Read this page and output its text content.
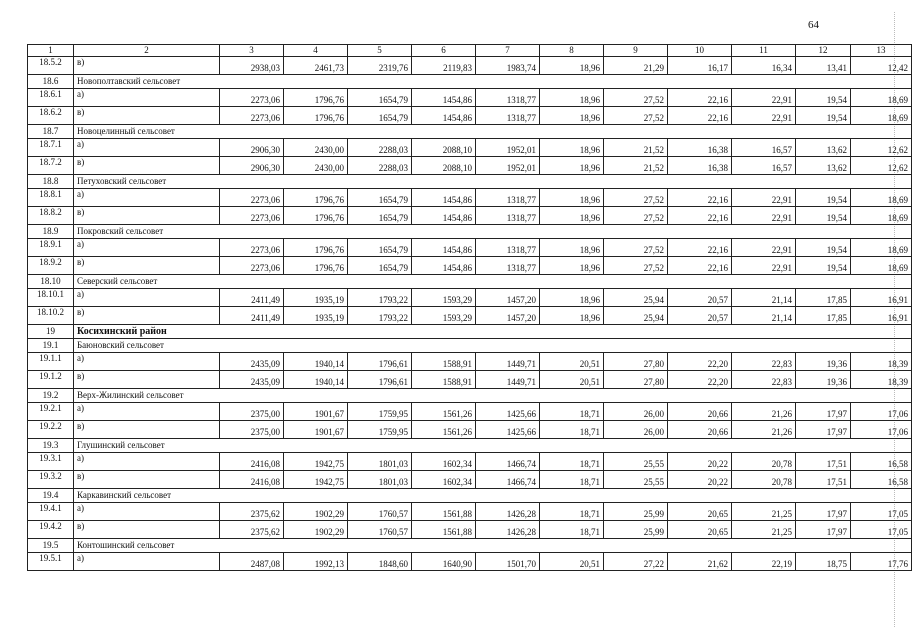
64
1	2	3	4	5	6	7	8	9	10	11	12	13
18.5.2	в)	2938,03	2461,73	2319,76	2119,83	1983,74	18,96	21,29	16,17	16,34	13,41	12,42
18.6	Новополтавский сельсовет											
18.6.1	а)	2273,06	1796,76	1654,79	1454,86	1318,77	18,96	27,52	22,16	22,91	19,54	18,69
18.6.2	в)	2273,06	1796,76	1654,79	1454,86	1318,77	18,96	27,52	22,16	22,91	19,54	18,69
18.7	Новоцелинный сельсовет											
18.7.1	а)	2906,30	2430,00	2288,03	2088,10	1952,01	18,96	21,52	16,38	16,57	13,62	12,62
18.7.2	в)	2906,30	2430,00	2288,03	2088,10	1952,01	18,96	21,52	16,38	16,57	13,62	12,62
18.8	Петуховский сельсовет											
18.8.1	а)	2273,06	1796,76	1654,79	1454,86	1318,77	18,96	27,52	22,16	22,91	19,54	18,69
18.8.2	в)	2273,06	1796,76	1654,79	1454,86	1318,77	18,96	27,52	22,16	22,91	19,54	18,69
18.9	Покровский сельсовет											
18.9.1	а)	2273,06	1796,76	1654,79	1454,86	1318,77	18,96	27,52	22,16	22,91	19,54	18,69
18.9.2	в)	2273,06	1796,76	1654,79	1454,86	1318,77	18,96	27,52	22,16	22,91	19,54	18,69
18.10	Северский сельсовет											
18.10.1	а)	2411,49	1935,19	1793,22	1593,29	1457,20	18,96	25,94	20,57	21,14	17,85	16,91
18.10.2	в)	2411,49	1935,19	1793,22	1593,29	1457,20	18,96	25,94	20,57	21,14	17,85	16,91
19	Косихинский район											
19.1	Баюновский сельсовет											
19.1.1	а)	2435,09	1940,14	1796,61	1588,91	1449,71	20,51	27,80	22,20	22,83	19,36	18,39
19.1.2	в)	2435,09	1940,14	1796,61	1588,91	1449,71	20,51	27,80	22,20	22,83	19,36	18,39
19.2	Верх-Жилинский сельсовет											
19.2.1	а)	2375,00	1901,67	1759,95	1561,26	1425,66	18,71	26,00	20,66	21,26	17,97	17,06
19.2.2	в)	2375,00	1901,67	1759,95	1561,26	1425,66	18,71	26,00	20,66	21,26	17,97	17,06
19.3	Глушинский сельсовет											
19.3.1	а)	2416,08	1942,75	1801,03	1602,34	1466,74	18,71	25,55	20,22	20,78	17,51	16,58
19.3.2	в)	2416,08	1942,75	1801,03	1602,34	1466,74	18,71	25,55	20,22	20,78	17,51	16,58
19.4	Каркавинский сельсовет											
19.4.1	а)	2375,62	1902,29	1760,57	1561,88	1426,28	18,71	25,99	20,65	21,25	17,97	17,05
19.4.2	в)	2375,62	1902,29	1760,57	1561,88	1426,28	18,71	25,99	20,65	21,25	17,97	17,05
19.5	Контошинский сельсовет											
19.5.1	а)	2487,08	1992,13	1848,60	1640,90	1501,70	20,51	27,22	21,62	22,19	18,75	17,76
